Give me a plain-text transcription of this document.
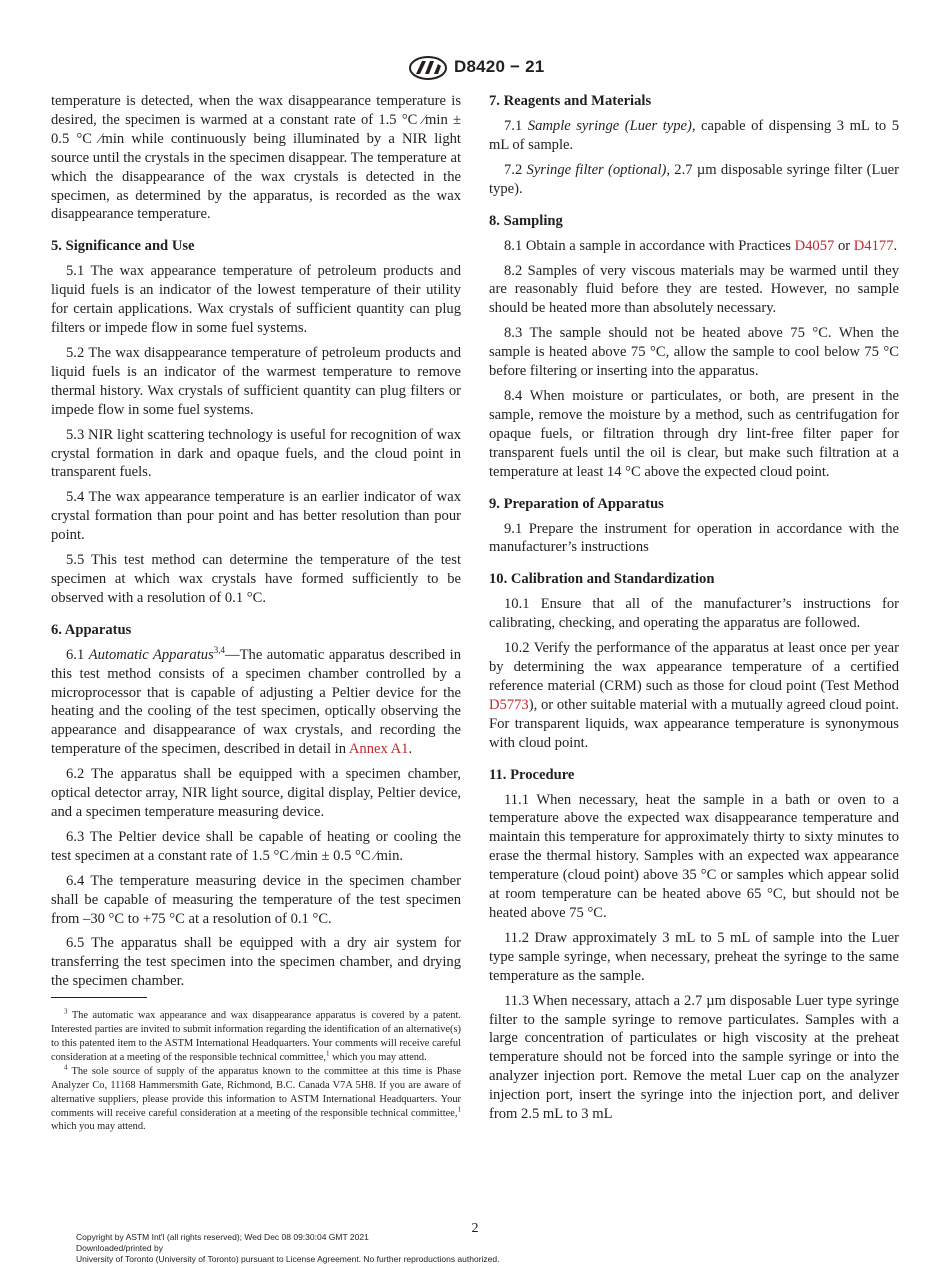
D8420 − 21

temperature is detected, when the wax disappearance temperature is desired, the specimen is warmed at a constant rate of 1.5 °C ⁄min ± 0.5 °C ⁄min while continuously being illuminated by a NIR light source until the crystals in the specimen disappear. The temperature at which the disappearance of the wax crystals is detected in the specimen, as determined by the apparatus, is recorded as the wax disappearance temperature.

5. Significance and Use

5.1 The wax appearance temperature of petroleum products and liquid fuels is an indicator of the lowest temperature of their utility for certain applications. Wax crystals of sufficient quantity can plug filters or impede flow in some fuel systems.

5.2 The wax disappearance temperature of petroleum products and liquid fuels is an indicator of the warmest temperature to remove thermal history. Wax crystals of sufficient quantity can plug filters or impede flow in some fuel systems.

5.3 NIR light scattering technology is useful for recognition of wax crystal formation in dark and opaque fuels, and the cloud point in transparent fuels.

5.4 The wax appearance temperature is an earlier indicator of wax crystal formation than pour point and has better resolution than pour point.

5.5 This test method can determine the temperature of the test specimen at which wax crystals have formed sufficiently to be observed with a resolution of 0.1 °C.

6. Apparatus

6.1 Automatic Apparatus$^{3,4}$—The automatic apparatus described in this test method consists of a specimen chamber controlled by a microprocessor that is capable of adjusting a Peltier device for the heating and the cooling of the test specimen, optically observing the appearance and disappearance of wax crystals, and recording the temperature of the specimen, described in detail in Annex A1.

6.2 The apparatus shall be equipped with a specimen chamber, optical detector array, NIR light source, digital display, Peltier device, and a specimen temperature measuring device.

6.3 The Peltier device shall be capable of heating or cooling the test specimen at a constant rate of 1.5 °C ⁄min ± 0.5 °C ⁄min.

6.4 The temperature measuring device in the specimen chamber shall be capable of measuring the temperature of the test specimen from –30 °C to +75 °C at a resolution of 0.1 °C.

6.5 The apparatus shall be equipped with a dry air system for transferring the test specimen into the specimen chamber, and drying the specimen chamber.

$^3$ The automatic wax appearance and wax disappearance apparatus is covered by a patent. Interested parties are invited to submit information regarding the identification of an alternative(s) to this patented item to the ASTM International Headquarters. Your comments will receive careful consideration at a meeting of the responsible technical committee,$^1$ which you may attend.

$^4$ The sole source of supply of the apparatus known to the committee at this time is Phase Analyzer Co, 11168 Hammersmith Gate, Richmond, B.C. Canada V7A 5H8. If you are aware of alternative suppliers, please provide this information to ASTM International Headquarters. Your comments will receive careful consideration at a meeting of the responsible technical committee,$^1$ which you may attend.

7. Reagents and Materials

7.1 Sample syringe (Luer type), capable of dispensing 3 mL to 5 mL of sample.

7.2 Syringe filter (optional), 2.7 µm disposable syringe filter (Luer type).

8. Sampling

8.1 Obtain a sample in accordance with Practices D4057 or D4177.

8.2 Samples of very viscous materials may be warmed until they are reasonably fluid before they are tested. However, no sample should be heated more than absolutely necessary.

8.3 The sample should not be heated above 75 °C. When the sample is heated above 75 °C, allow the sample to cool below 75 °C before filtering or inserting into the apparatus.

8.4 When moisture or particulates, or both, are present in the sample, remove the moisture by a method, such as centrifugation for opaque fuels, or filtration through dry lint-free filter paper for transparent fuels until the oil is clear, but make such filtration at a temperature at least 14 °C above the expected cloud point.

9. Preparation of Apparatus

9.1 Prepare the instrument for operation in accordance with the manufacturer’s instructions

10. Calibration and Standardization

10.1 Ensure that all of the manufacturer’s instructions for calibrating, checking, and operating the apparatus are followed.

10.2 Verify the performance of the apparatus at least once per year by determining the wax appearance temperature of a certified reference material (CRM) such as those for cloud point (Test Method D5773), or other suitable material with a mutually agreed cloud point. For transparent liquids, wax appearance temperature is synonymous with cloud point.

11. Procedure

11.1 When necessary, heat the sample in a bath or oven to a temperature above the expected wax disappearance temperature and maintain this temperature for approximately thirty to sixty minutes to erase the thermal history. Samples with an expected wax appearance temperature (cloud point) above 35 °C or samples which appear solid at room temperature can be heated above 65 °C, but should not be heated above 75 °C.

11.2 Draw approximately 3 mL to 5 mL of sample into the Luer type sample syringe, when necessary, preheat the syringe to the same temperature as the sample.

11.3 When necessary, attach a 2.7 µm disposable Luer type syringe filter to the sample syringe to remove particulates. Samples with a large concentration of particulates or high viscosity at the preheat temperature should not be forced into the sample syringe or into the analyzer injection port. Remove the metal Luer cap on the analyzer injection port, insert the syringe into the injection port, and deliver from 2.5 mL to 3 mL

2
Copyright by ASTM Int'l (all rights reserved); Wed Dec 08 09:30:04 GMT 2021
Downloaded/printed by
University of Toronto (University of Toronto) pursuant to License Agreement. No further reproductions authorized.
